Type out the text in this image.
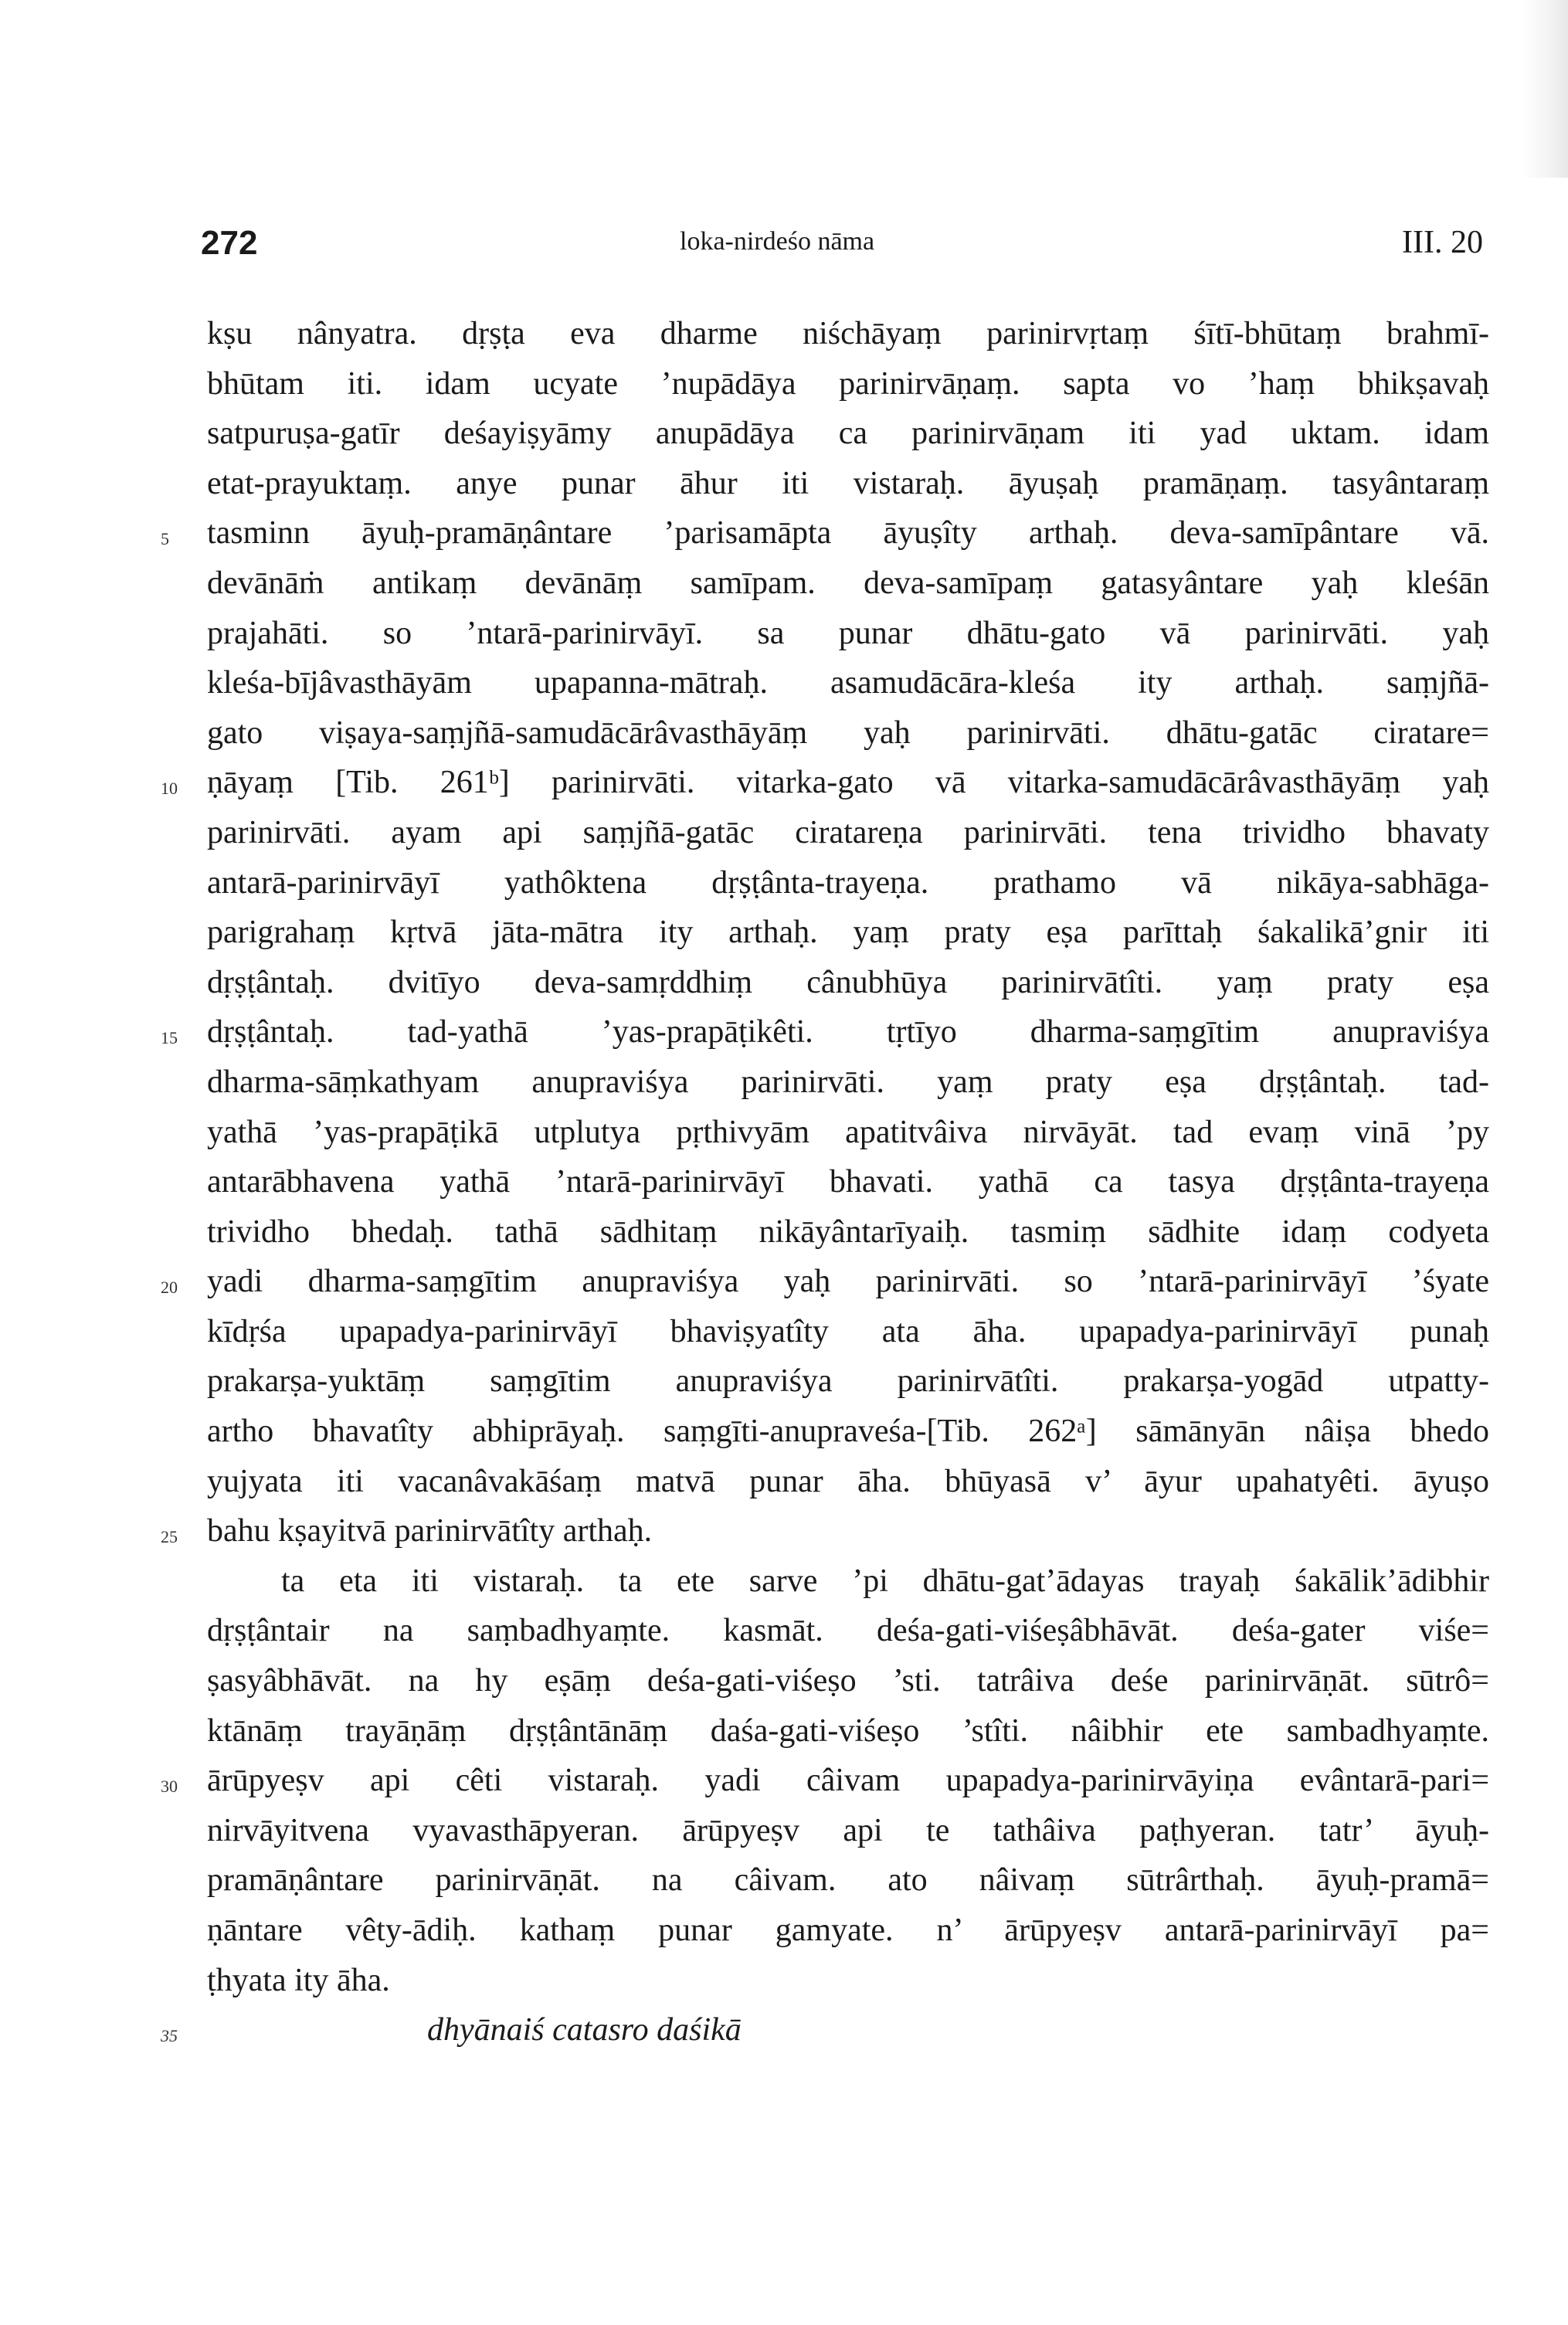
272	loka-nirdeśo nāma	III. 20
kṣu nânyatra. dṛṣṭa eva dharme niśchāyaṃ parinirvṛtaṃ śītī-bhūtaṃ brahmī-
bhūtam iti. idam ucyate ’nupādāya parinirvāṇaṃ. sapta vo ’haṃ bhikṣavaḥ
satpuruṣa-gatīr deśayiṣyāmy anupādāya ca parinirvāṇam iti yad uktam. idam
etat-prayuktaṃ. anye punar āhur iti vistaraḥ. āyuṣaḥ pramāṇaṃ. tasyântaraṃ
5 tasminn āyuḥ-pramāṇântare ’parisamāpta āyuṣîty arthaḥ. deva-samīpântare vā.
devānāṁ antikaṃ devānāṃ samīpam. deva-samīpaṃ gatasyântare yaḥ kleśān
prajahāti. so ’ntarā-parinirvāyī. sa punar dhātu-gato vā parinirvāti. yaḥ
kleśa-bījâvasthāyām upapanna-mātraḥ. asamudācāra-kleśa ity arthaḥ. saṃjñā-
gato viṣaya-saṃjñā-samudācārâvasthāyāṃ yaḥ parinirvāti. dhātu-gatāc ciratare=
10 ṇāyaṃ [Tib. 261ᵇ] parinirvāti. vitarka-gato vā vitarka-samudācārâvasthāyāṃ yaḥ
parinirvāti. ayam api saṃjñā-gatāc ciratareṇa parinirvāti. tena trividho bhavaty
antarā-parinirvāyī yathôktena dṛṣṭânta-trayeṇa. prathamo vā nikāya-sabhāga-
parigrahaṃ kṛtvā jāta-mātra ity arthaḥ. yaṃ praty eṣa parīttaḥ śakalikā’gnir iti
dṛṣṭântaḥ. dvitīyo deva-samṛddhiṃ cânubhūya parinirvātîti. yaṃ praty eṣa
15 dṛṣṭântaḥ. tad-yathā ’yas-prapāṭikêti. tṛtīyo dharma-saṃgītim anupraviśya
dharma-sāṃkathyam anupraviśya parinirvāti. yaṃ praty eṣa dṛṣṭântaḥ. tad-
yathā ’yas-prapāṭikā utplutya pṛthivyām apatitvâiva nirvāyāt. tad evaṃ vinā ’py
antarābhavena yathā ’ntarā-parinirvāyī bhavati. yathā ca tasya dṛṣṭânta-trayeṇa
trividho bhedaḥ. tathā sādhitaṃ nikāyântarīyaiḥ. tasmiṃ sādhite idaṃ codyeta
20 yadi dharma-saṃgītim anupraviśya yaḥ parinirvāti. so ’ntarā-parinirvāyī ’śyate
kīdṛśa upapadya-parinirvāyī bhaviṣyatîty ata āha. upapadya-parinirvāyī punaḥ
prakarṣa-yuktāṃ saṃgītim anupraviśya parinirvātîti. prakarṣa-yogād utpatty-
artho bhavatîty abhiprāyaḥ. saṃgīti-anupraveśa-[Tib. 262ᵃ] sāmānyān nâiṣa bhedo
yujyata iti vacanâvakāśaṃ matvā punar āha. bhūyasā v’ āyur upahatyêti. āyuṣo
25 bahu kṣayitvā parinirvātîty arthaḥ.
ta eta iti vistaraḥ. ta ete sarve ’pi dhātu-gat’ādayas trayaḥ śakālik’ādibhir
dṛṣṭântair na saṃbadhyaṃte. kasmāt. deśa-gati-viśeṣâbhāvāt. deśa-gater viśe=
ṣasyâbhāvāt. na hy eṣāṃ deśa-gati-viśeṣo ’sti. tatrâiva deśe parinirvāṇāt. sūtrô=
ktānāṃ trayāṇāṃ dṛṣṭântānāṃ daśa-gati-viśeṣo ’stîti. nâibhir ete sambadhyaṃte.
30 ārūpyeṣv api cêti vistaraḥ. yadi câivam upapadya-parinirvāyiṇa evântarā-pari=
nirvāyitvena vyavasthāpyeran. ārūpyeṣv api te tathâiva paṭhyeran. tatr’ āyuḥ-
pramāṇântare parinirvāṇāt. na câivam. ato nâivaṃ sūtrârthaḥ. āyuḥ-pramā=
ṇāntare vêty-ādiḥ. kathaṃ punar gamyate. n’ ārūpyeṣv antarā-parinirvāyī pa=
ṭhyata ity āha.
35	dhyānaiś catasro daśikā
